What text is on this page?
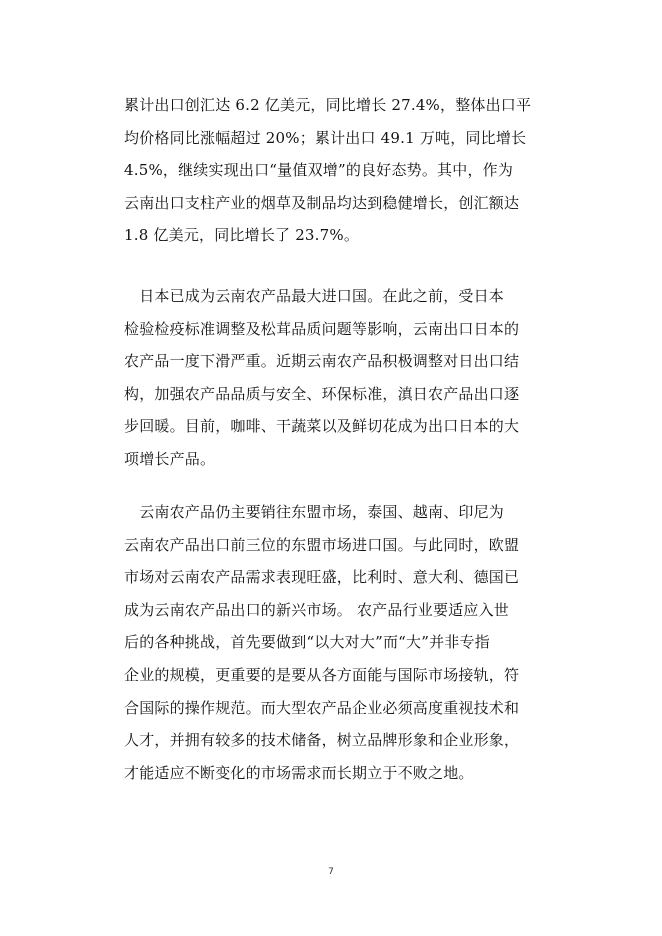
累计出口创汇达 6.2 亿美元，同比增长 27.4%，整体出口平
均价格同比涨幅超过 20%；累计出口 49.1 万吨，同比增长
4.5%，继续实现出口“量值双增”的良好态势。其中，作为
云南出口支柱产业的烟草及制品均达到稳健增长，创汇额达
1.8 亿美元，同比增长了 23.7%。
　日本已成为云南农产品最大进口国。在此之前，受日本
检验检疫标准调整及松茸品质问题等影响，云南出口日本的
农产品一度下滑严重。近期云南农产品积极调整对日出口结
构，加强农产品品质与安全、环保标准，滇日农产品出口逐
步回暖。目前，咖啡、干蔬菜以及鲜切花成为出口日本的大
项增长产品。
　云南农产品仍主要销往东盟市场，泰国、越南、印尼为
云南农产品出口前三位的东盟市场进口国。与此同时，欧盟
市场对云南农产品需求表现旺盛，比利时、意大利、德国已
成为云南农产品出口的新兴市场。 农产品行业要适应入世
后的各种挑战，首先要做到“以大对大”而“大”并非专指
企业的规模，更重要的是要从各方面能与国际市场接轨，符
合国际的操作规范。而大型农产品企业必须高度重视技术和
人才，并拥有较多的技术储备，树立品牌形象和企业形象，
才能适应不断变化的市场需求而长期立于不败之地。
7
